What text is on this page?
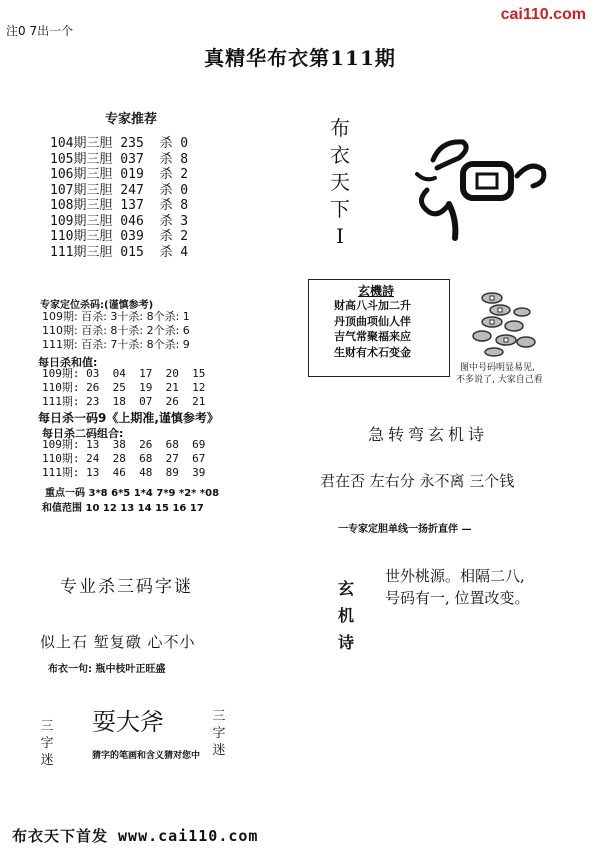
注0 7出一个
cai110.com
真精华布衣第111期
专家推荐
104期三胆 235  杀 0
105期三胆 037  杀 8
106期三胆 019  杀 2
107期三胆 247  杀 0
108期三胆 137  杀 8
109期三胆 046  杀 3
110期三胆 039  杀 2
111期三胆 015  杀 4
专家定位杀码:(谨慎参考)
109期: 百杀: 3十杀: 8个杀: 1
110期: 百杀: 8十杀: 2个杀: 6
111期: 百杀: 7十杀: 8个杀: 9
每日杀和值:
109期: 03  04  17  20  15
110期: 26  25  19  21  12
111期: 23  18  07  26  21
每日杀一码9《上期准,谨慎参考》
每日杀二码组合:
109期: 13  38  26  68  69
110期: 24  28  68  27  67
111期: 13  46  48  89  39
重点一码 3*8 6*5 1*4 7*9 *2* *08
和值范围 10 12 13 14 15 16 17
布
衣
天
下
I
玄機詩
财高八斗加二升
丹顶曲项仙人伴
吉气常聚福来应
生财有术石变金
图中号码明显易见,
不多说了, 大家自己看
急转弯玄机诗
君在否 左右分 永不离 三个钱
一专家定胆单线一扬折直伴 —
玄
机
诗
世外桃源。相隔二八,
号码有一, 位置改变。
专业杀三码字谜
似上石 堑复礅 心不小
布衣一句: 瓶中枝叶正旺盛
三
字
迷
耍大斧
猜字的笔画和含义猜对您中
三
字
迷
布衣天下首发 www.cai110.com
